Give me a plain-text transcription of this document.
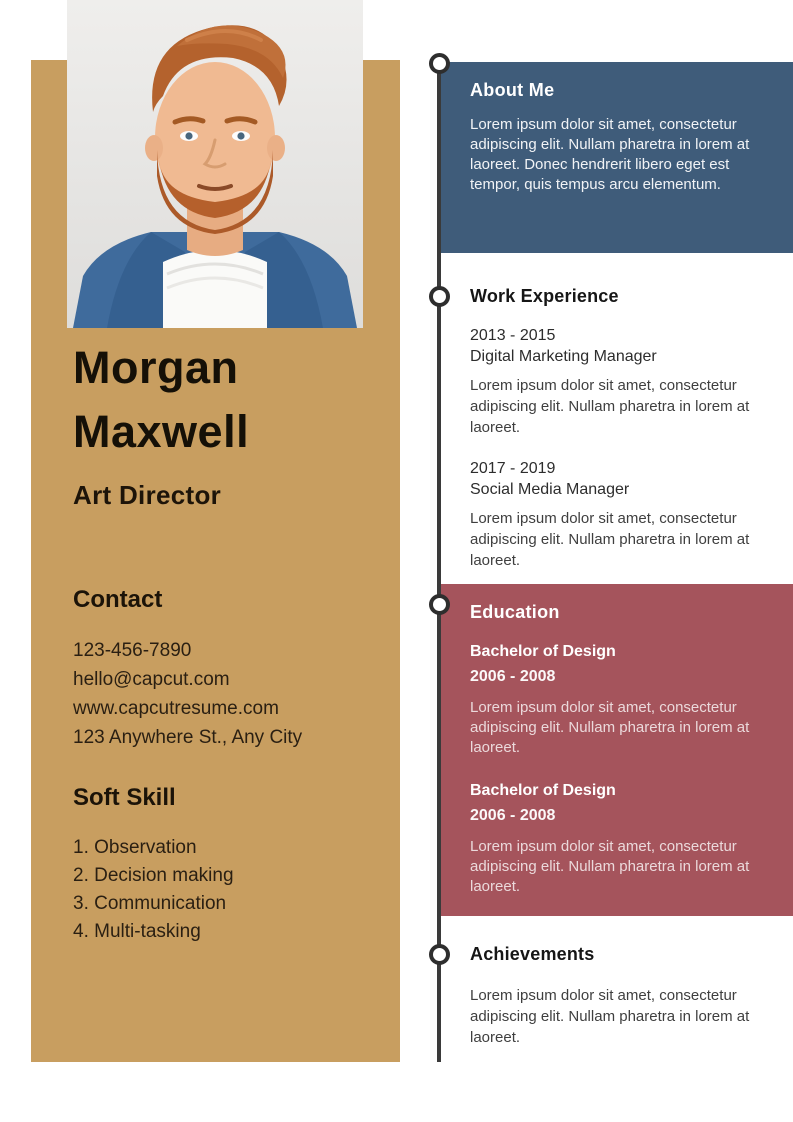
Morgan
Maxwell
Art Director
Contact
123-456-7890
hello@capcut.com
www.capcutresume.com
123 Anywhere St., Any City
Soft Skill
1. Observation
2. Decision making
3. Communication
4. Multi-tasking
About Me
Lorem ipsum dolor sit amet, consectetur adipiscing elit. Nullam pharetra in lorem at laoreet. Donec hendrerit libero eget est tempor, quis tempus arcu elementum.
Work Experience
2013 - 2015
Digital Marketing Manager
Lorem ipsum dolor sit amet, consectetur adipiscing elit. Nullam pharetra in lorem at laoreet.
2017 - 2019
Social Media Manager
Lorem ipsum dolor sit amet, consectetur adipiscing elit. Nullam pharetra in lorem at laoreet.
Education
Bachelor of Design
2006 - 2008
Lorem ipsum dolor sit amet, consectetur adipiscing elit. Nullam pharetra in lorem at laoreet.
Bachelor of Design
2006 - 2008
Lorem ipsum dolor sit amet, consectetur adipiscing elit. Nullam pharetra in lorem at laoreet.
Achievements
Lorem ipsum dolor sit amet, consectetur adipiscing elit. Nullam pharetra in lorem at laoreet.
